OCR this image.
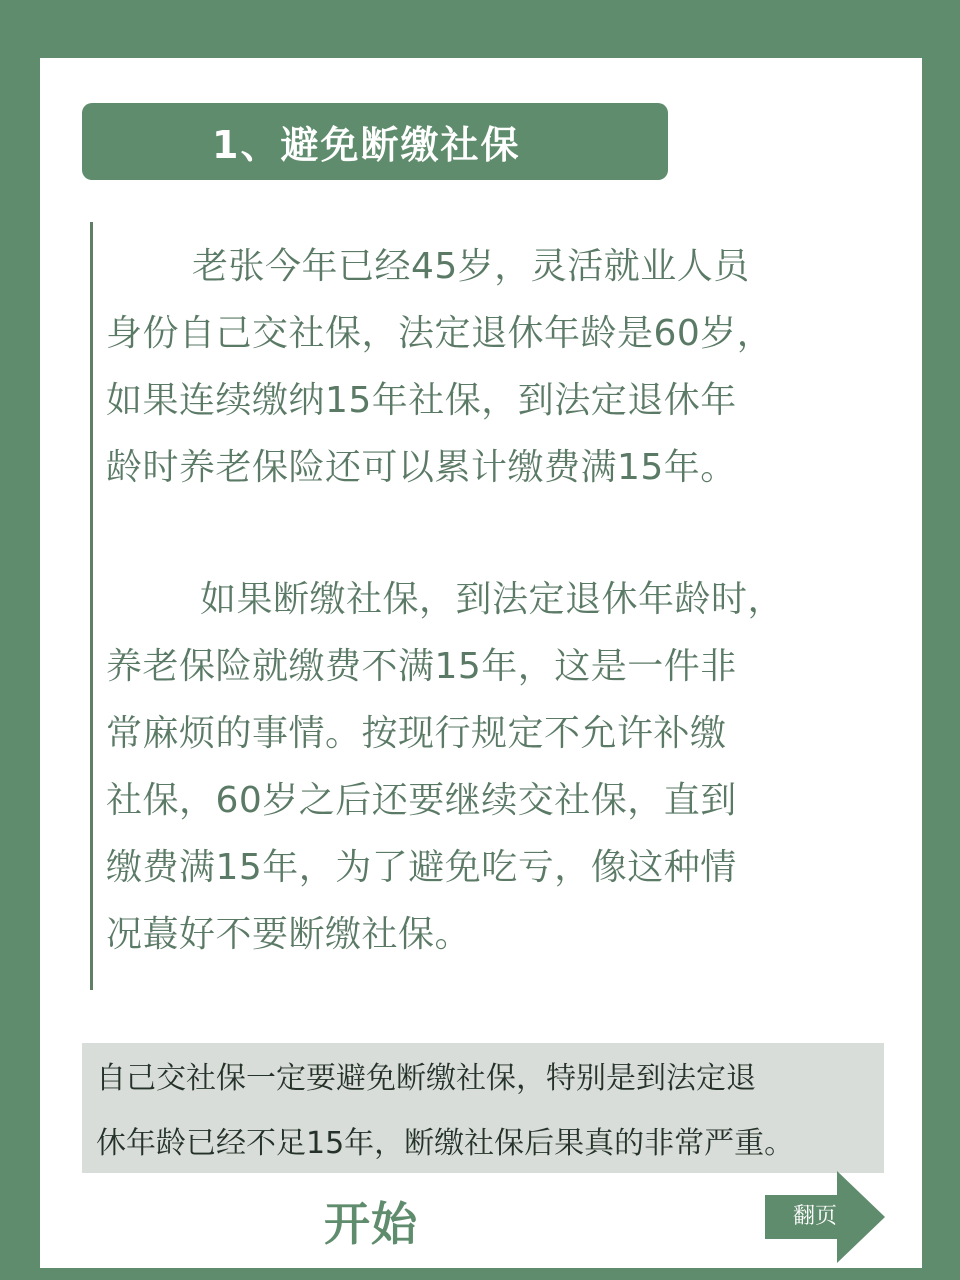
1、避免断缴社保

老张今年已经45岁，灵活就业人员
身份自己交社保，法定退休年龄是60岁，
如果连续缴纳15年社保，到法定退休年
龄时养老保险还可以累计缴费满15年。

如果断缴社保，到法定退休年龄时，
养老保险就缴费不满15年，这是一件非
常麻烦的事情。按现行规定不允许补缴
社保，60岁之后还要继续交社保，直到
缴费满15年，为了避免吃亏，像这种情
况蕞好不要断缴社保。

自己交社保一定要避免断缴社保，特别是到法定退
休年龄已经不足15年，断缴社保后果真的非常严重。
开始	翻页
